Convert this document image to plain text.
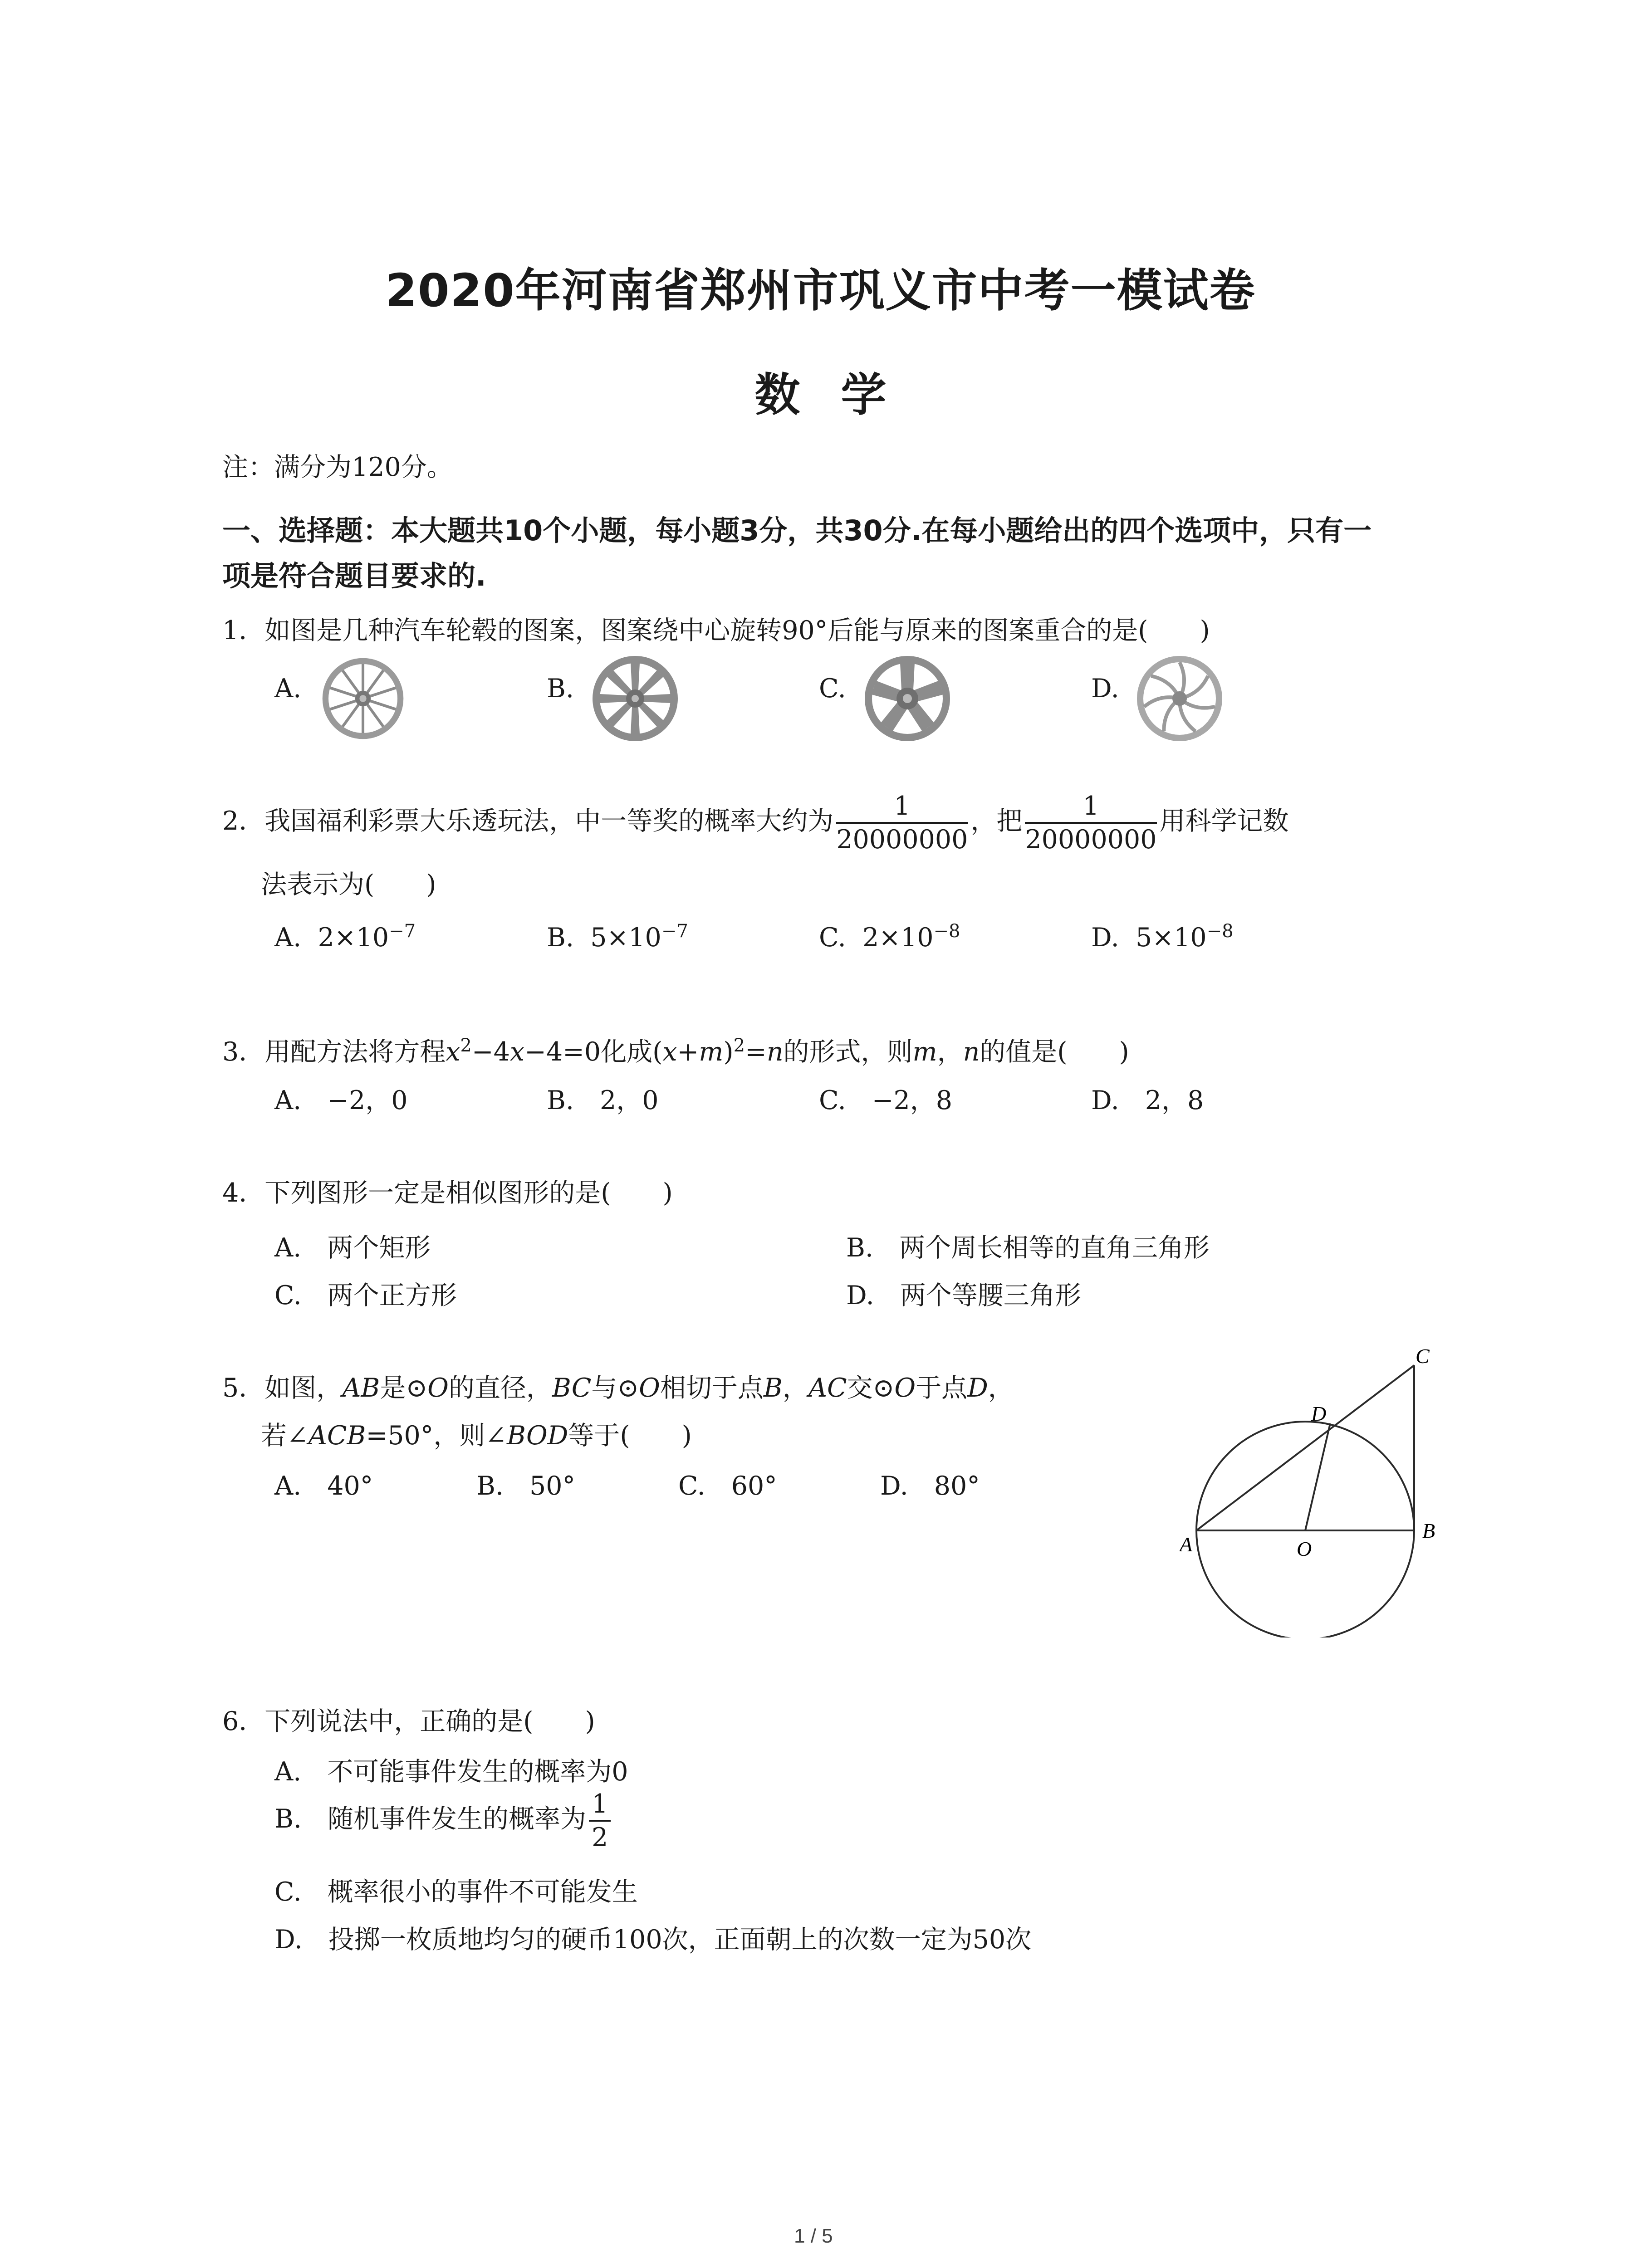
2020年河南省郑州市巩义市中考一模试卷
数学
注：满分为120分。
一、选择题：本大题共10个小题，每小题3分，共30分.在每小题给出的四个选项中，只有一
项是符合题目要求的.
1．如图是几种汽车轮毂的图案，图案绕中心旋转90°后能与原来的图案重合的是(　　)
A.	B.	C.	D.
2．我国福利彩票大乐透玩法，中一等奖的概率大约为 $\frac{1}{20000000}$ ，把 $\frac{1}{20000000}$ 用科学记数
法表示为(　　)
A. $2\times 10^{-7}$	B. $5\times 10^{-7}$	C. $2\times 10^{-8}$	D. $5\times 10^{-8}$
3．用配方法将方程$x^2-4x-4=0$化成$(x+m)^2=n$的形式，则m，n的值是(　　)
A.　−2，0	B.　2，0	C.　−2，8	D.　2，8
4．下列图形一定是相似图形的是(　　)
A.　两个矩形	B.　两个周长相等的直角三角形
C.　两个正方形	D.　两个等腰三角形
5．如图，AB是⊙O的直径，BC与⊙O相切于点B，AC交⊙O于点D，
若∠ACB=50°，则∠BOD等于(　　)
A.　40°	B.　50°	C.　60°	D.　80°
A
B
C
D
O
6．下列说法中，正确的是(　　)
A.　不可能事件发生的概率为0
B.　随机事件发生的概率为 $\frac{1}{2}$
C.　概率很小的事件不可能发生
D.　投掷一枚质地均匀的硬币100次，正面朝上的次数一定为50次
1 / 5
